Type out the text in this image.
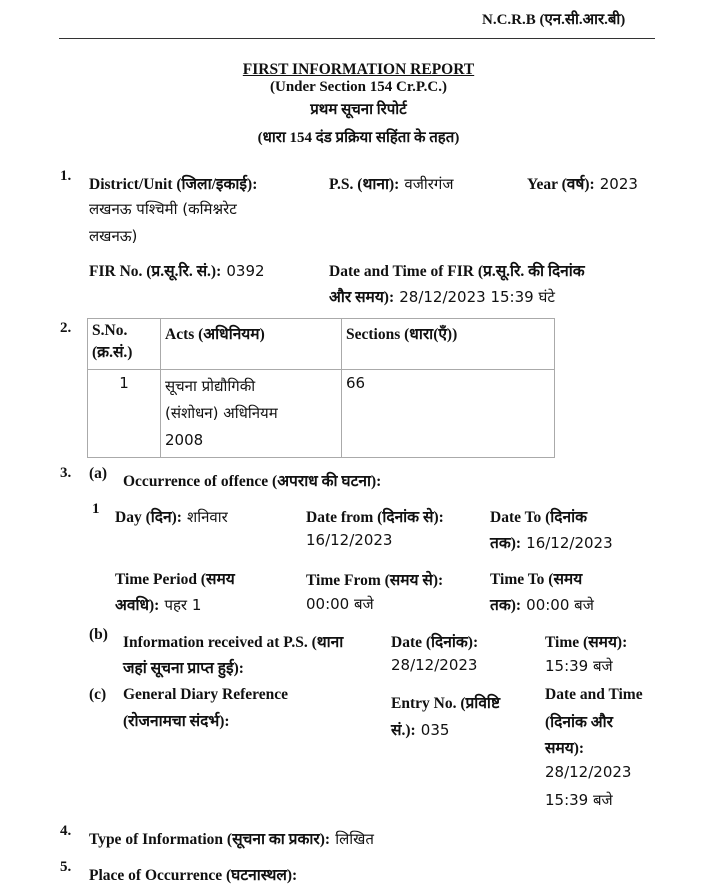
N.C.R.B (एन.सी.आर.बी)
FIRST INFORMATION REPORT
(Under Section 154 Cr.P.C.)
प्रथम सूचना रिपोर्ट
(धारा 154 दंड प्रक्रिया सहिंता के तहत)
1. District/Unit (जिला/इकाई):
लखनऊ पश्चिमी (कमिश्नरेट
लखनऊ)
P.S. (थाना): वजीरगंज	Year (वर्ष): 2023
FIR No. (प्र.सू.रि. सं.): 0392	Date and Time of FIR (प्र.सू.रि. की दिनांक
और समय): 28/12/2023 15:39 घंटे
2. S.No.
(क्र.सं.)	Acts (अधिनियम)	Sections (धारा(एँ))

1	सूचना प्रोद्यौगिकी
(संशोधन) अधिनियम
2008	66
3. (a) Occurrence of offence (अपराध की घटना):
1 Day (दिन): शनिवार	Date from (दिनांक से):
16/12/2023
Date To (दिनांक
तक): 16/12/2023
Time Period (समय
अवधि): पहर 1
Time From (समय से):
00:00 बजे
Time To (समय
तक): 00:00 बजे
(b) Information received at P.S. (थाना
जहां सूचना प्राप्त हुई):
Date (दिनांक):
28/12/2023
Time (समय):
15:39 बजे
(c) General Diary Reference
(रोजनामचा संदर्भ):
Entry No. (प्रविष्टि
सं.): 035
Date and Time
(दिनांक और
समय):
28/12/2023
15:39 बजे
4. Type of Information (सूचना का प्रकार): लिखित
5. Place of Occurrence (घटनास्थल):
